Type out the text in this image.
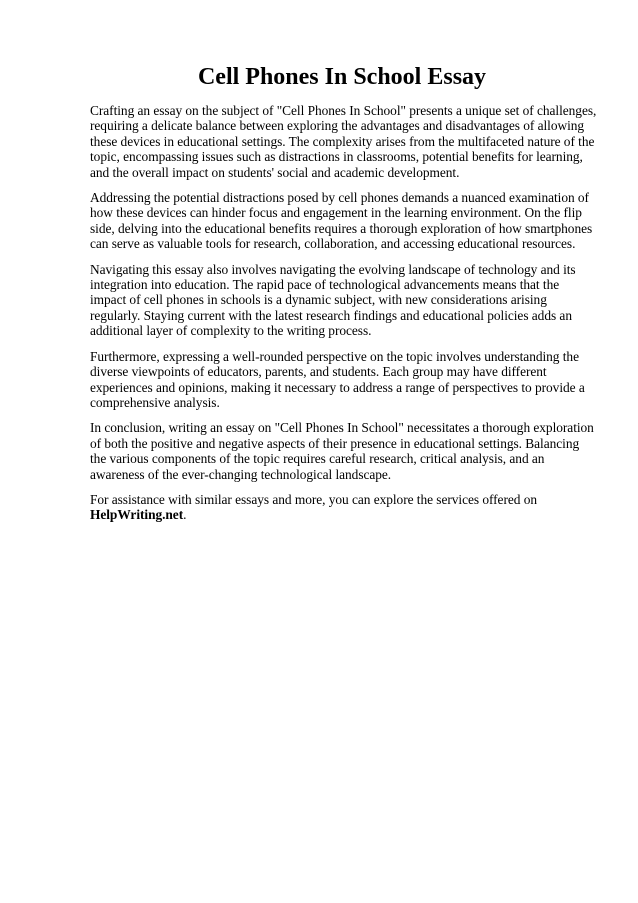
Cell Phones In School Essay

Crafting an essay on the subject of "Cell Phones In School" presents a unique set of challenges, requiring a delicate balance between exploring the advantages and disadvantages of allowing these devices in educational settings. The complexity arises from the multifaceted nature of the topic, encompassing issues such as distractions in classrooms, potential benefits for learning, and the overall impact on students' social and academic development.

Addressing the potential distractions posed by cell phones demands a nuanced examination of how these devices can hinder focus and engagement in the learning environment. On the flip side, delving into the educational benefits requires a thorough exploration of how smartphones can serve as valuable tools for research, collaboration, and accessing educational resources.

Navigating this essay also involves navigating the evolving landscape of technology and its integration into education. The rapid pace of technological advancements means that the impact of cell phones in schools is a dynamic subject, with new considerations arising regularly. Staying current with the latest research findings and educational policies adds an additional layer of complexity to the writing process.

Furthermore, expressing a well-rounded perspective on the topic involves understanding the diverse viewpoints of educators, parents, and students. Each group may have different experiences and opinions, making it necessary to address a range of perspectives to provide a comprehensive analysis.

In conclusion, writing an essay on "Cell Phones In School" necessitates a thorough exploration of both the positive and negative aspects of their presence in educational settings. Balancing the various components of the topic requires careful research, critical analysis, and an awareness of the ever-changing technological landscape.

For assistance with similar essays and more, you can explore the services offered on HelpWriting.net.
